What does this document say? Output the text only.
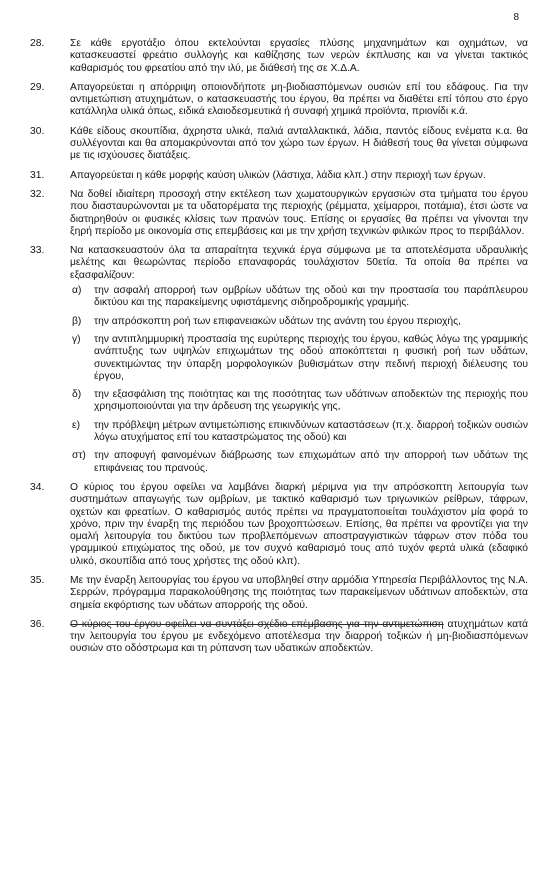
8
28.	Σε κάθε εργοτάξιο όπου εκτελούνται εργασίες πλύσης μηχανημάτων και οχημάτων, να κατασκευαστεί φρεάτιο συλλογής και καθίζησης των νερών έκπλυσης και να γίνεται τακτικός καθαρισμός του φρεατίου από την ιλύ, με διάθεσή της σε Χ.Δ.Α.
29.	Απαγορεύεται η απόρριψη οποιονδήποτε μη-βιοδιασπόμενων ουσιών επί του εδάφους. Για την αντιμετώπιση ατυχημάτων, ο κατασκευαστής του έργου, θα πρέπει να διαθέτει επί τόπου στο έργο κατάλληλα υλικά όπως, ειδικά ελαιοδεσμευτικά ή συναφή χημικά προϊόντα, πριονίδι κ.ά.
30.	Κάθε είδους σκουπίδια, άχρηστα υλικά, παλιά ανταλλακτικά, λάδια, παντός είδους ενέματα κ.α. θα συλλέγονται και θα απομακρύνονται από τον χώρο των έργων. Η διάθεσή τους θα γίνεται σύμφωνα με τις ισχύουσες διατάξεις.
31.	Απαγορεύεται η κάθε μορφής καύση υλικών (λάστιχα, λάδια κλπ.) στην περιοχή των έργων.
32.	Να δοθεί ιδιαίτερη προσοχή στην εκτέλεση των χωματουργικών εργασιών στα τμήματα του έργου που διασταυρώνονται με τα υδατορέματα της περιοχής (ρέμματα, χείμαρροι, ποτάμια), έτσι ώστε να διατηρηθούν οι φυσικές κλίσεις των πρανών τους. Επίσης οι εργασίες θα πρέπει να γίνονται την ξηρή περίοδο με οικονομία στις επεμβάσεις και με την χρήση τεχνικών φιλικών προς το περιβάλλον.
33.	Να κατασκευαστούν όλα τα απαραίτητα τεχνικά έργα σύμφωνα με τα αποτελέσματα υδραυλικής μελέτης και θεωρώντας περίοδο επαναφοράς τουλάχιστον 50ετία. Τα οποία θα πρέπει να εξασφαλίζουν:
α)	την ασφαλή απορροή των ομβρίων υδάτων της οδού και την προστασία του παράπλευρου δικτύου και της παρακείμενης υφιστάμενης σιδηροδρομικής γραμμής.
β)	την απρόσκοπτη ροή των επιφανειακών υδάτων της ανάντη του έργου περιοχής,
γ)	την αντιπλημμυρική προστασία της ευρύτερης περιοχής του έργου, καθώς λόγω της γραμμικής ανάπτυξης των υψηλών επιχωμάτων της οδού αποκόπτεται η φυσική ροή των υδάτων, συνεκτιμώντας την ύπαρξη μορφολογικών βυθισμάτων στην πεδινή περιοχή διέλευσης του έργου,
δ)	την εξασφάλιση της ποιότητας και της ποσότητας των υδάτινων αποδεκτών της περιοχής που χρησιμοποιούνται για την άρδευση της γεωργικής γης,
ε)	την πρόβλεψη μέτρων αντιμετώπισης επικινδύνων καταστάσεων (π.χ. διαρροή τοξικών ουσιών λόγω ατυχήματος επί του καταστρώματος της οδού) και
στ) την αποφυγή φαινομένων διάβρωσης των επιχωμάτων από την απορροή των υδάτων της επιφάνειας του πρανούς.
34.	Ο κύριος του έργου οφείλει να λαμβάνει διαρκή μέριμνα για την απρόσκοπτη λειτουργία των συστημάτων απαγωγής των ομβρίων, με τακτικό καθαρισμό των τριγωνικών ρείθρων, τάφρων, οχετών και φρεατίων. Ο καθαρισμός αυτός πρέπει να πραγματοποιείται τουλάχιστον μία φορά το χρόνο, πριν την έναρξη της περιόδου των βροχοπτώσεων. Επίσης, θα πρέπει να φροντίζει για την ομαλή λειτουργία του δικτύου των προβλεπόμενων αποστραγγιστικών τάφρων στον πόδα του γραμμικού επιχώματος της οδού, με τον συχνό καθαρισμό τους από τυχόν φερτά υλικά (εδαφικό υλικό, σκουπίδια από τους χρήστες της οδού κλπ).
35.	Με την έναρξη λειτουργίας του έργου να υποβληθεί στην αρμόδια Υπηρεσία Περιβάλλοντος της Ν.Α. Σερρών, πρόγραμμα παρακολούθησης της ποιότητας των παρακείμενων υδάτινων αποδεκτών, στα σημεία εκφόρτισης των υδάτων απορροής της οδού.
36.	Ο κύριος του έργου οφείλει να συντάξει σχέδιο επέμβασης για την αντιμετώπιση ατυχημάτων κατά την λειτουργία του έργου με ενδεχόμενο αποτέλεσμα την διαρροή τοξικών ή μη-βιοδιασπόμενων ουσιών στο οδόστρωμα και τη ρύπανση των υδατικών αποδεκτών.
